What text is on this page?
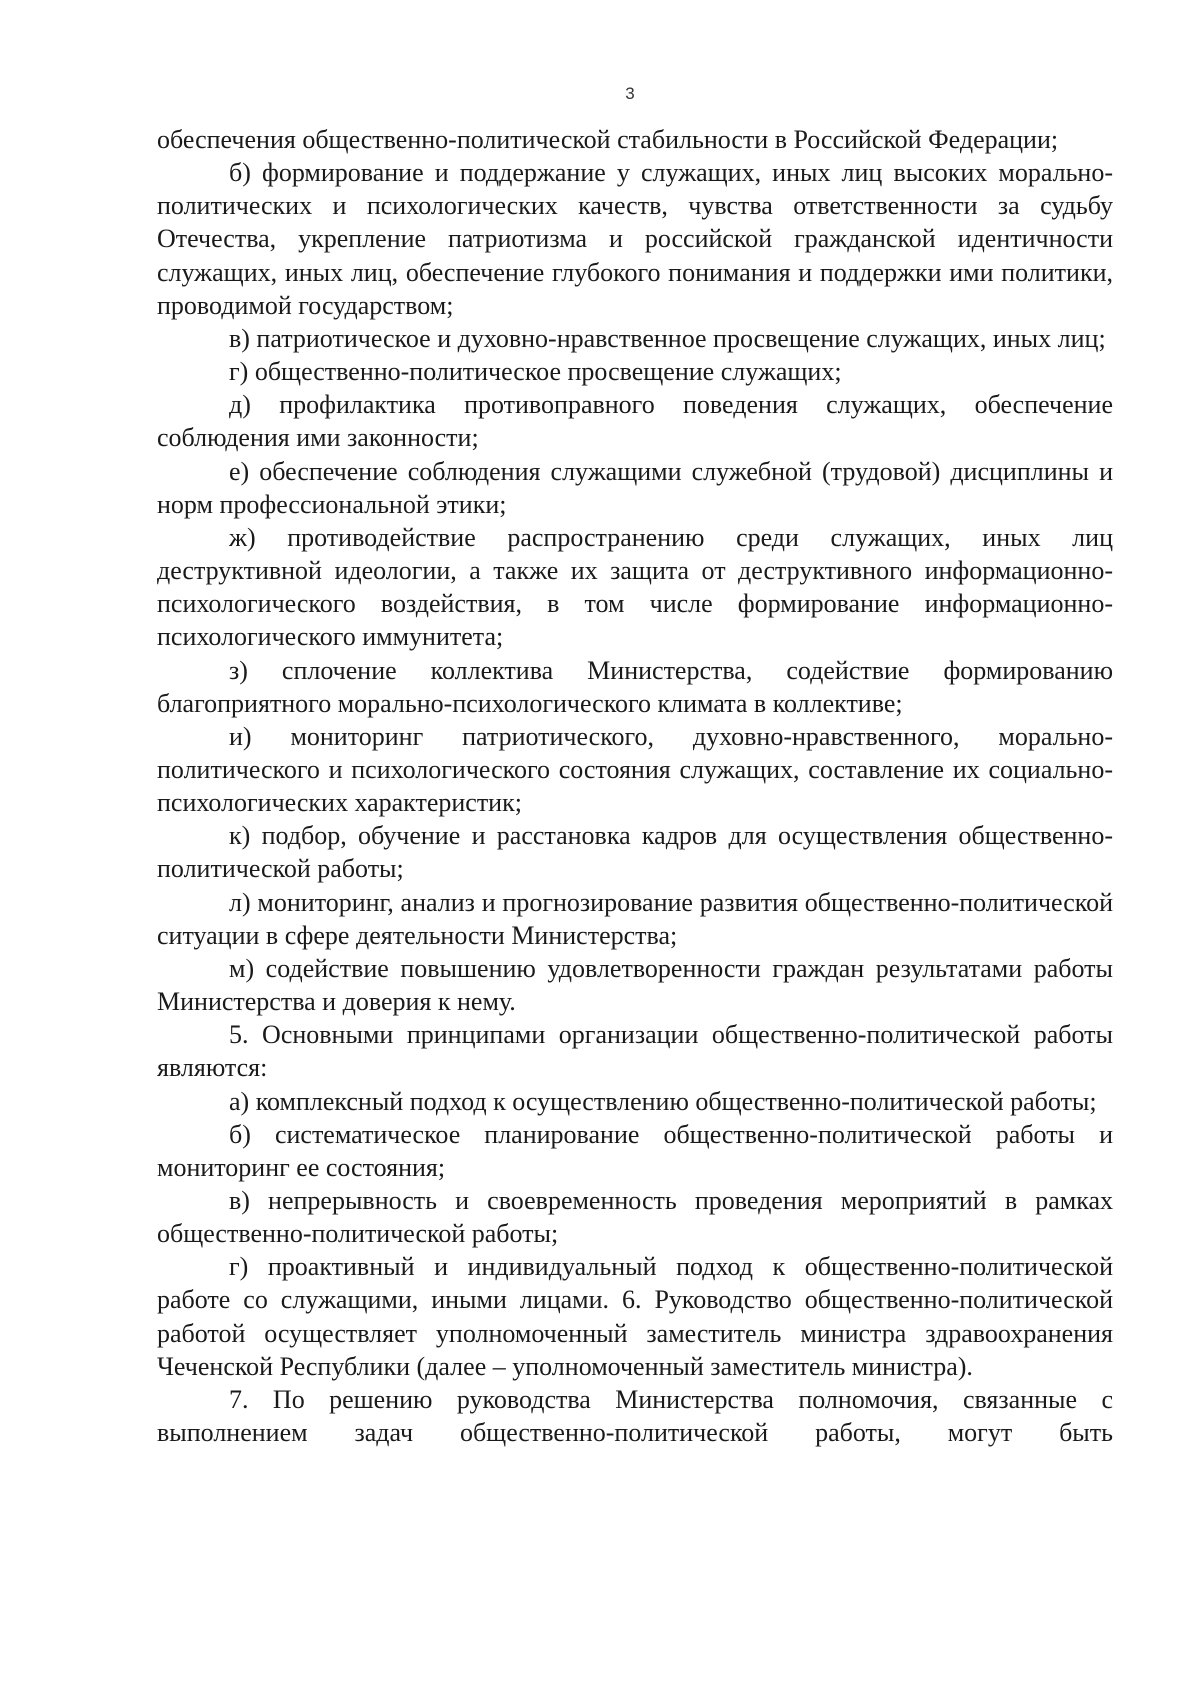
3

обеспечения общественно-политической стабильности в Российской Федерации;

б) формирование и поддержание у служащих, иных лиц высоких морально-политических и психологических качеств, чувства ответственности за судьбу Отечества, укрепление патриотизма и российской гражданской идентичности служащих, иных лиц, обеспечение глубокого понимания и поддержки ими политики, проводимой государством;

в) патриотическое и духовно-нравственное просвещение служащих, иных лиц;

г) общественно-политическое просвещение служащих;

д) профилактика противоправного поведения служащих, обеспечение соблюдения ими законности;

е) обеспечение соблюдения служащими служебной (трудовой) дисциплины и норм профессиональной этики;

ж) противодействие распространению среди служащих, иных лиц деструктивной идеологии, а также их защита от деструктивного информационно-психологического воздействия, в том числе формирование информационно-психологического иммунитета;

з) сплочение коллектива Министерства, содействие формированию благоприятного морально-психологического климата в коллективе;

и) мониторинг патриотического, духовно-нравственного, морально-политического и психологического состояния служащих, составление их социально-психологических характеристик;

к) подбор, обучение и расстановка кадров для осуществления общественно-политической работы;

л) мониторинг, анализ и прогнозирование развития общественно-политической ситуации в сфере деятельности Министерства;

м) содействие повышению удовлетворенности граждан результатами работы Министерства и доверия к нему.

5. Основными принципами организации общественно-политической работы являются:

а) комплексный подход к осуществлению общественно-политической работы;

б) систематическое планирование общественно-политической работы и мониторинг ее состояния;

в) непрерывность и своевременность проведения мероприятий в рамках общественно-политической работы;

г) проактивный и индивидуальный подход к общественно-политической работе со служащими, иными лицами. 6. Руководство общественно-политической работой осуществляет уполномоченный заместитель министра здравоохранения Чеченской Республики (далее – уполномоченный заместитель министра).

7. По решению руководства Министерства полномочия, связанные с выполнением задач общественно-политической работы, могут быть
